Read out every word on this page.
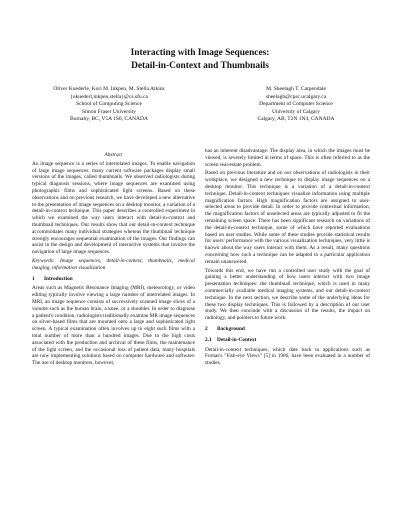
Interacting with Image Sequences:
Detail-in-Context and Thumbnails
Oliver Kuederle, Kori M. Inkpen, M. Stella Atkins
{okuederl,inkpen,stella}@cs.sfu.ca
School of Computing Science
Simon Fraser University
Burnaby, BC, V5A 1S6, CANADA
M. Sheelagh T. Carpendale
sheelagh@cpsc.ucalgary.ca
Department of Computer Science
University of Calgary
Calgary, AB, T2N 1N4, CANADA
Abstract

An image sequence is a series of interrelated images. To enable navigation of large image sequences, many current software packages display small versions of the images, called thumbnails. We observed radiologists during typical diagnosis sessions, where image sequences are examined using photographic films and sophisticated light screens. Based on these observations and on previous research, we have developed a new alternative to the presentation of image sequences on a desktop monitor, a variation of a detail-in-context technique. This paper describes a controlled experiment in which we examined the way users interact with detail-in-context and thumbnail techniques. Our results show that our detail-in-context technique accommodates many individual strategies whereas the thumbnail technique strongly encourages sequential examination of the images. Our findings can assist in the design and development of interactive systems that involve the navigation of large image sequences.

Keywords: Image sequences, detail-in-context, thumbnails, medical imaging, information visualization

1 Introduction

Areas such as Magnetic Resonance Imaging (MRI), meteorology, or video editing typically involve viewing a large number of interrelated images. In MRI, an image sequence consists of successively scanned image slices of a volume such as the human brain, a knee, or a shoulder. In order to diagnose a patient's condition, radiologists traditionally examine MR image sequences on silver-based films that are mounted onto a large and sophisticated light screen. A typical examination often involves up to eight such films with a total number of more than a hundred images. Due to the high costs associated with the production and archival of these films, the maintenance of the light screen, and the occasional loss of patient data, many hospitals are now implementing solutions based on computer hardware and software. The use of desktop monitors, however,

has an inherent disadvantage. The display area, in which the images must be viewed, is severely limited in terms of space. This is often referred to as the screen real-estate problem.

Based on previous literature and on our observations of radiologists in their workplace, we designed a new technique to display image sequences on a desktop monitor. This technique is a variation of a detail-in-context technique. Detail-in-context techniques visualize information using multiple magnification factors. High magnification factors are assigned to user-selected areas to provide detail. In order to provide contextual information, the magnification factors of unselected areas are typically adjusted to fit the remaining screen space. There has been significant research on variations of the detail-in-context technique, some of which have reported evaluations based on user studies. While some of these studies provide statistical results for users' performance with the various visualization techniques, very little is known about the way users interact with them. As a result, many questions concerning how such a technique can be adapted to a particular application remain unanswered.

Towards this end, we have run a controlled user study with the goal of gaining a better understanding of how users interact with two image presentation techniques: the thumbnail technique, which is used in many commercially available medical imaging systems, and our detail-in-context technique. In the next section, we describe some of the underlying ideas for these two display techniques. This is followed by a description of our user study. We then conclude with a discussion of the results, the impact on radiology, and pointers to future work.

2 Background
2.1 Detail-in-Context

Detail-in-context techniques, which date back to applications such as Furnas's "Fish-eye Views" [5] in 1986, have been evaluated in a number of studies.
